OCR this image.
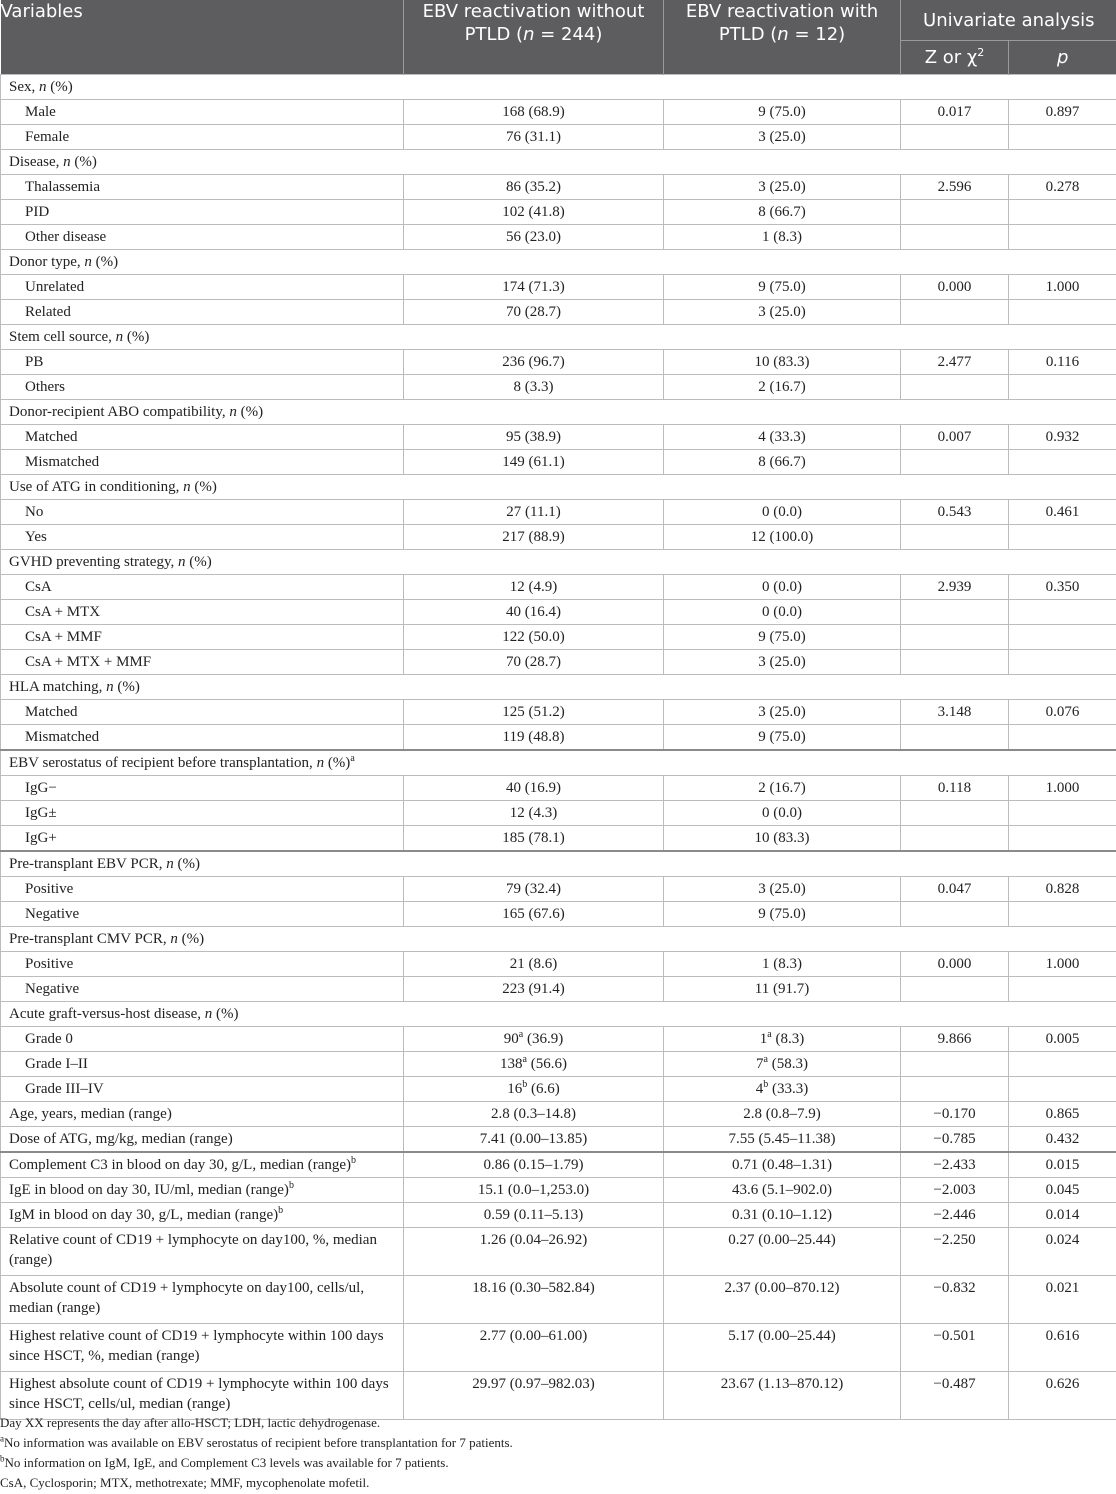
Variables	EBV reactivation without PTLD (n = 244)	EBV reactivation with PTLD (n = 12)	Univariate analysis	
			Z or $\chi^2$	p
Sex, n (%)				
Male	168 (68.9)	9 (75.0)	0.017	0.897
Female	76 (31.1)	3 (25.0)		
Disease, n (%)				
Thalassemia	86 (35.2)	3 (25.0)	2.596	0.278
PID	102 (41.8)	8 (66.7)		
Other disease	56 (23.0)	1 (8.3)		
Donor type, n (%)				
Unrelated	174 (71.3)	9 (75.0)	0.000	1.000
Related	70 (28.7)	3 (25.0)		
Stem cell source, n (%)				
PB	236 (96.7)	10 (83.3)	2.477	0.116
Others	8 (3.3)	2 (16.7)		
Donor-recipient ABO compatibility, n (%)				
Matched	95 (38.9)	4 (33.3)	0.007	0.932
Mismatched	149 (61.1)	8 (66.7)		
Use of ATG in conditioning, n (%)				
No	27 (11.1)	0 (0.0)	0.543	0.461
Yes	217 (88.9)	12 (100.0)		
GVHD preventing strategy, n (%)				
CsA	12 (4.9)	0 (0.0)	2.939	0.350
CsA + MTX	40 (16.4)	0 (0.0)		
CsA + MMF	122 (50.0)	9 (75.0)		
CsA + MTX + MMF	70 (28.7)	3 (25.0)		
HLA matching, n (%)				
Matched	125 (51.2)	3 (25.0)	3.148	0.076
Mismatched	119 (48.8)	9 (75.0)		
EBV serostatus of recipient before transplantation, n (%)$^a$
IgG−	40 (16.9)	2 (16.7)	0.118	1.000
IgG±	12 (4.3)	0 (0.0)		
IgG+	185 (78.1)	10 (83.3)		
Pre-transplant EBV PCR, n (%)				
Positive	79 (32.4)	3 (25.0)	0.047	0.828
Negative	165 (67.6)	9 (75.0)		
Pre-transplant CMV PCR, n (%)				
Positive	21 (8.6)	1 (8.3)	0.000	1.000
Negative	223 (91.4)	11 (91.7)		
Acute graft-versus-host disease, n (%)				
Grade 0	90$^a$ (36.9)	1$^a$ (8.3)	9.866	0.005
Grade I–II	138$^a$ (56.6)	7$^a$ (58.3)		
Grade III–IV	16$^b$ (6.6)	4$^b$ (33.3)		
Age, years, median (range)	2.8 (0.3–14.8)	2.8 (0.8–7.9)	−0.170	0.865
Dose of ATG, mg/kg, median (range)	7.41 (0.00–13.85)	7.55 (5.45–11.38)	−0.785	0.432
Complement C3 in blood on day 30, g/L, median (range)$^b$	0.86 (0.15–1.79)	0.71 (0.48–1.31)	−2.433	0.015
IgE in blood on day 30, IU/ml, median (range)$^b$	15.1 (0.0–1,253.0)	43.6 (5.1–902.0)	−2.003	0.045
IgM in blood on day 30, g/L, median (range)$^b$	0.59 (0.11–5.13)	0.31 (0.10–1.12)	−2.446	0.014
Relative count of CD19 + lymphocyte on day100, %, median (range)	1.26 (0.04–26.92)	0.27 (0.00–25.44)	−2.250	0.024
Absolute count of CD19 + lymphocyte on day100, cells/ul, median (range)	18.16 (0.30–582.84)	2.37 (0.00–870.12)	−0.832	0.021
Highest relative count of CD19 + lymphocyte within 100 days since HSCT, %, median (range)	2.77 (0.00–61.00)	5.17 (0.00–25.44)	−0.501	0.616
Highest absolute count of CD19 + lymphocyte within 100 days since HSCT, cells/ul, median (range)	29.97 (0.97–982.03)	23.67 (1.13–870.12)	−0.487	0.626
Day XX represents the day after allo-HSCT; LDH, lactic dehydrogenase.
$^a$No information was available on EBV serostatus of recipient before transplantation for 7 patients.
$^b$No information on IgM, IgE, and Complement C3 levels was available for 7 patients.
CsA, Cyclosporin; MTX, methotrexate; MMF, mycophenolate mofetil.
